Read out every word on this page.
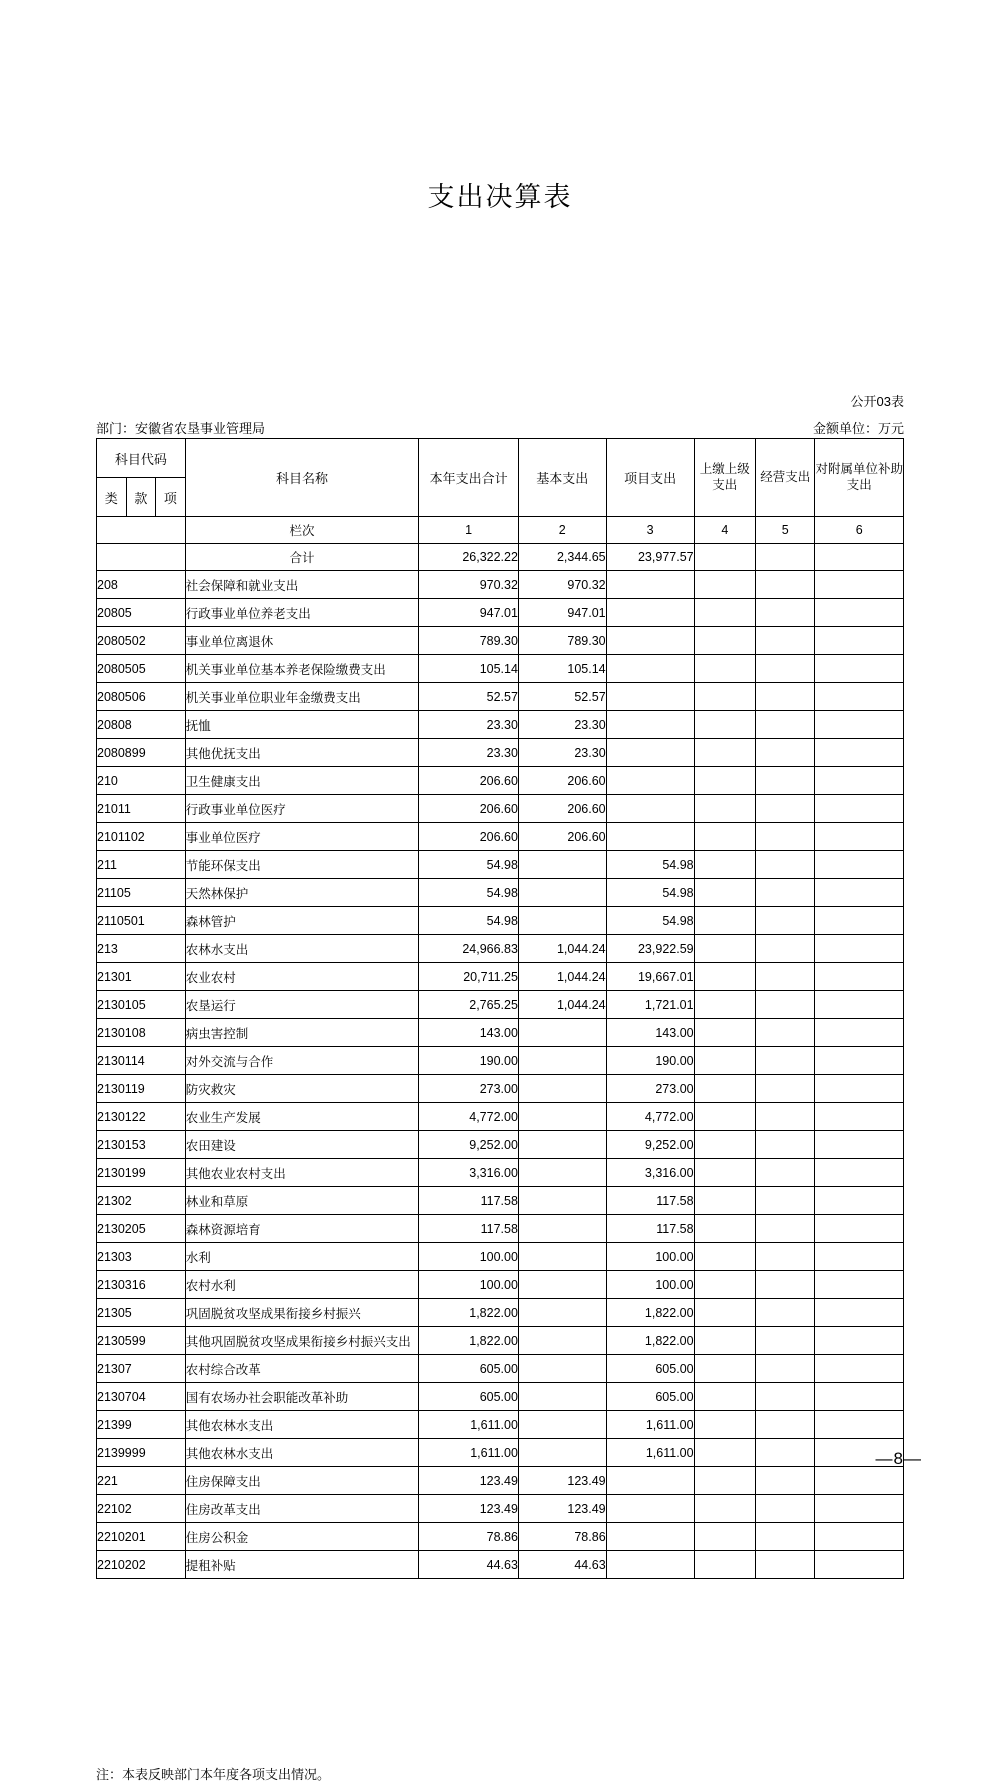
支出决算表
公开03表
部门：安徽省农垦事业管理局	金额单位：万元
科目代码			科目名称	本年支出合计	基本支出	项目支出	上缴上级支出	经营支出	对附属单位补助支出
类	款	项							

			栏次	1	2	3	4	5	6
			合计	26,322.22	2,344.65	23,977.57			
208			社会保障和就业支出	970.32	970.32				
20805			行政事业单位养老支出	947.01	947.01				
2080502			事业单位离退休	789.30	789.30				
2080505			机关事业单位基本养老保险缴费支出	105.14	105.14				
2080506			机关事业单位职业年金缴费支出	52.57	52.57				
20808			抚恤	23.30	23.30				
2080899			其他优抚支出	23.30	23.30				
210			卫生健康支出	206.60	206.60				
21011			行政事业单位医疗	206.60	206.60				
2101102			事业单位医疗	206.60	206.60				
211			节能环保支出	54.98		54.98			
21105			天然林保护	54.98		54.98			
2110501			森林管护	54.98		54.98			
213			农林水支出	24,966.83	1,044.24	23,922.59			
21301			农业农村	20,711.25	1,044.24	19,667.01			
2130105			农垦运行	2,765.25	1,044.24	1,721.01			
2130108			病虫害控制	143.00		143.00			
2130114			对外交流与合作	190.00		190.00			
2130119			防灾救灾	273.00		273.00			
2130122			农业生产发展	4,772.00		4,772.00			
2130153			农田建设	9,252.00		9,252.00			
2130199			其他农业农村支出	3,316.00		3,316.00			
21302			林业和草原	117.58		117.58			
2130205			森林资源培育	117.58		117.58			
21303			水利	100.00		100.00			
2130316			农村水利	100.00		100.00			
21305			巩固脱贫攻坚成果衔接乡村振兴	1,822.00		1,822.00			
2130599			其他巩固脱贫攻坚成果衔接乡村振兴支出	1,822.00		1,822.00			
21307			农村综合改革	605.00		605.00			
2130704			国有农场办社会职能改革补助	605.00		605.00			
21399			其他农林水支出	1,611.00		1,611.00			
2139999			其他农林水支出	1,611.00		1,611.00			
221			住房保障支出	123.49	123.49				
22102			住房改革支出	123.49	123.49				
2210201			住房公积金	78.86	78.86				
2210202			提租补贴	44.63	44.63				
注：本表反映部门本年度各项支出情况。
—8—
